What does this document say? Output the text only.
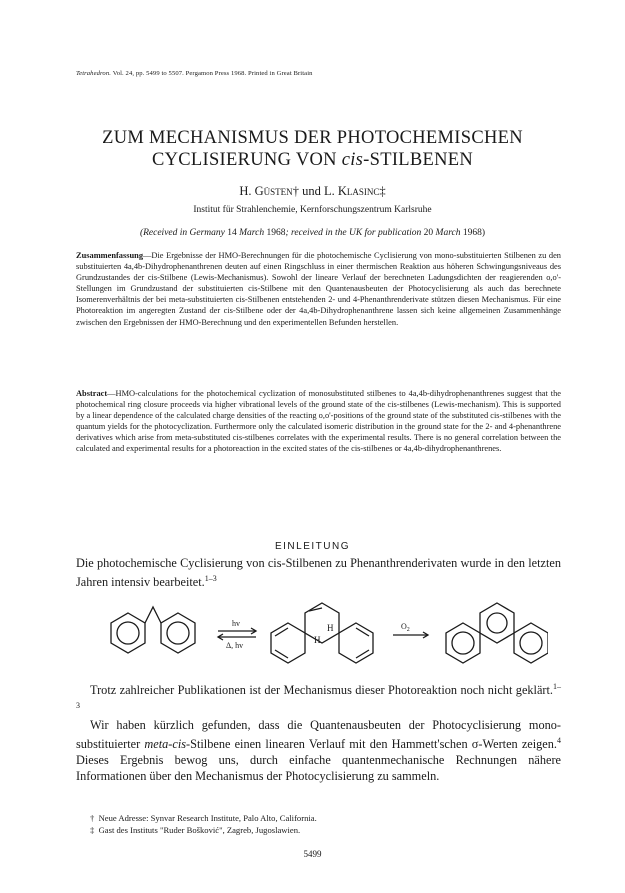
Tetrahedron. Vol. 24, pp. 5499 to 5507. Pergamon Press 1968. Printed in Great Britain
ZUM MECHANISMUS DER PHOTOCHEMISCHEN
CYCLISIERUNG VON cis-STILBENEN
H. Güsten† und L. Klasinc‡
Institut für Strahlenchemie, Kernforschungszentrum Karlsruhe
(Received in Germany 14 March 1968; received in the UK for publication 20 March 1968)
Zusammenfassung—Die Ergebnisse der HMO-Berechnungen für die photochemische Cyclisierung von mono-substituierten Stilbenen zu den substituierten 4a,4b-Dihydrophenanthrenen deuten auf einen Ringschluss in einer thermischen Reaktion aus höheren Schwingungsniveaus des Grundzustandes der cis-Stilbene (Lewis-Mechanismus). Sowohl der lineare Verlauf der berechneten Ladungsdichten der reagierenden o,o'-Stellungen im Grundzustand der substituierten cis-Stilbene mit den Quantenausbeuten der Photocyclisierung als auch das berechnete Isomerenverhältnis der bei meta-substituierten cis-Stilbenen entstehenden 2- und 4-Phenanthrenderivate stützen diesen Mechanismus. Für eine Photoreaktion im angeregten Zustand der cis-Stilbene oder der 4a,4b-Dihydrophenanthrene lassen sich keine allgemeinen Zusammenhänge zwischen den Ergebnissen der HMO-Berechnung und den experimentellen Befunden herstellen.
Abstract—HMO-calculations for the photochemical cyclization of monosubstituted stilbenes to 4a,4b-dihydrophenanthrenes suggest that the photochemical ring closure proceeds via higher vibrational levels of the ground state of the cis-stilbenes (Lewis-mechanism). This is supported by a linear dependence of the calculated charge densities of the reacting o,o'-positions of the ground state of the substituted cis-stilbenes with the quantum yields for the photocyclization. Furthermore only the calculated isomeric distribution in the ground state for the 2- and 4-phenanthrene derivatives which arise from meta-substituted cis-stilbenes correlates with the experimental results. There is no general correlation between the calculated and experimental results for a photoreaction in the excited states of the cis-stilbenes or 4a,4b-dihydrophenanthrenes.
EINLEITUNG
Die photochemische Cyclisierung von cis-Stilbenen zu Phenanthrenderivaten wurde in den letzten Jahren intensiv bearbeitet.$^{1-3}$
hv
Δ, hv
$O_2$
H
H
Trotz zahlreicher Publikationen ist der Mechanismus dieser Photoreaktion noch nicht geklärt.$^{1-3}$
Wir haben kürzlich gefunden, dass die Quantenausbeuten der Photocyclisierung mono-substituierter meta-cis-Stilbene einen linearen Verlauf mit den Hammett'schen σ-Werten zeigen.$^4$ Dieses Ergebnis bewog uns, durch einfache quantenmechanische Rechnungen nähere Informationen über den Mechanismus der Photocyclisierung zu sammeln.
† Neue Adresse: Synvar Research Institute, Palo Alto, California.
‡ Gast des Instituts "Ruder Bošković", Zagreb, Jugoslawien.
5499
